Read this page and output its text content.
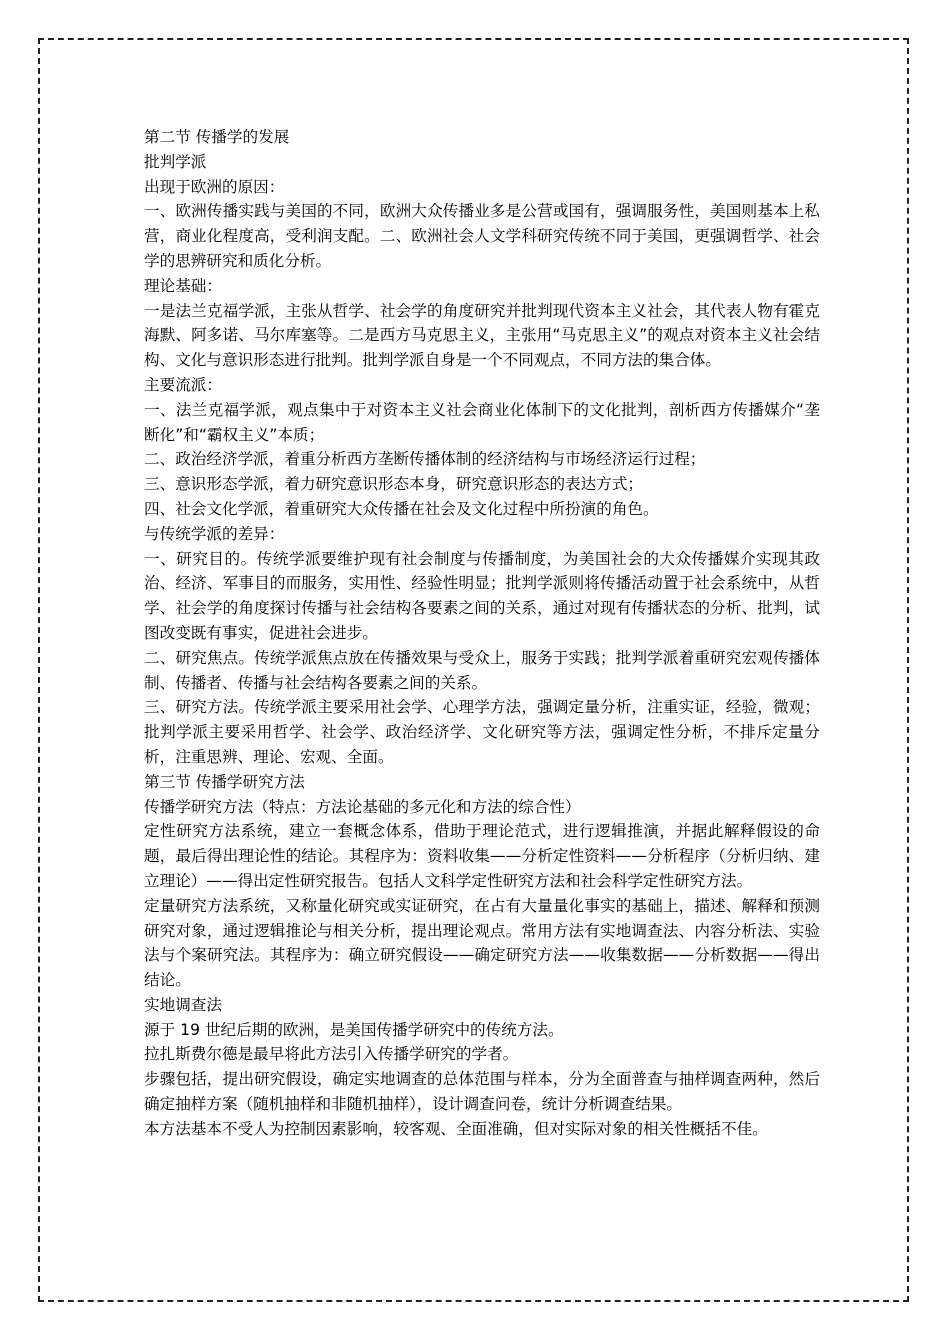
第二节 传播学的发展

批判学派

出现于欧洲的原因：

一、欧洲传播实践与美国的不同，欧洲大众传播业多是公营或国有，强调服务性，美国则基本上私营，商业化程度高，受利润支配。二、欧洲社会人文学科研究传统不同于美国，更强调哲学、社会学的思辨研究和质化分析。

理论基础：

一是法兰克福学派，主张从哲学、社会学的角度研究并批判现代资本主义社会，其代表人物有霍克海默、阿多诺、马尔库塞等。二是西方马克思主义，主张用“马克思主义”的观点对资本主义社会结构、文化与意识形态进行批判。批判学派自身是一个不同观点，不同方法的集合体。

主要流派：

一、法兰克福学派，观点集中于对资本主义社会商业化体制下的文化批判，剖析西方传播媒介“垄断化”和“霸权主义”本质；

二、政治经济学派，着重分析西方垄断传播体制的经济结构与市场经济运行过程；

三、意识形态学派，着力研究意识形态本身，研究意识形态的表达方式；

四、社会文化学派，着重研究大众传播在社会及文化过程中所扮演的角色。

与传统学派的差异：

一、研究目的。传统学派要维护现有社会制度与传播制度，为美国社会的大众传播媒介实现其政治、经济、军事目的而服务，实用性、经验性明显；批判学派则将传播活动置于社会系统中，从哲学、社会学的角度探讨传播与社会结构各要素之间的关系，通过对现有传播状态的分析、批判，试图改变既有事实，促进社会进步。

二、研究焦点。传统学派焦点放在传播效果与受众上，服务于实践；批判学派着重研究宏观传播体制、传播者、传播与社会结构各要素之间的关系。

三、研究方法。传统学派主要采用社会学、心理学方法，强调定量分析，注重实证，经验，微观；批判学派主要采用哲学、社会学、政治经济学、文化研究等方法，强调定性分析，不排斥定量分析，注重思辨、理论、宏观、全面。

第三节 传播学研究方法

传播学研究方法（特点：方法论基础的多元化和方法的综合性）

定性研究方法系统，建立一套概念体系，借助于理论范式，进行逻辑推演，并据此解释假设的命题，最后得出理论性的结论。其程序为：资料收集——分析定性资料——分析程序（分析归纳、建立理论）——得出定性研究报告。包括人文科学定性研究方法和社会科学定性研究方法。

定量研究方法系统，又称量化研究或实证研究，在占有大量量化事实的基础上，描述、解释和预测研究对象，通过逻辑推论与相关分析，提出理论观点。常用方法有实地调查法、内容分析法、实验法与个案研究法。其程序为：确立研究假设——确定研究方法——收集数据——分析数据——得出结论。

实地调查法

源于 19 世纪后期的欧洲，是美国传播学研究中的传统方法。

拉扎斯费尔德是最早将此方法引入传播学研究的学者。

步骤包括，提出研究假设，确定实地调查的总体范围与样本，分为全面普查与抽样调查两种，然后确定抽样方案（随机抽样和非随机抽样），设计调查问卷，统计分析调查结果。

本方法基本不受人为控制因素影响，较客观、全面准确，但对实际对象的相关性概括不佳。
